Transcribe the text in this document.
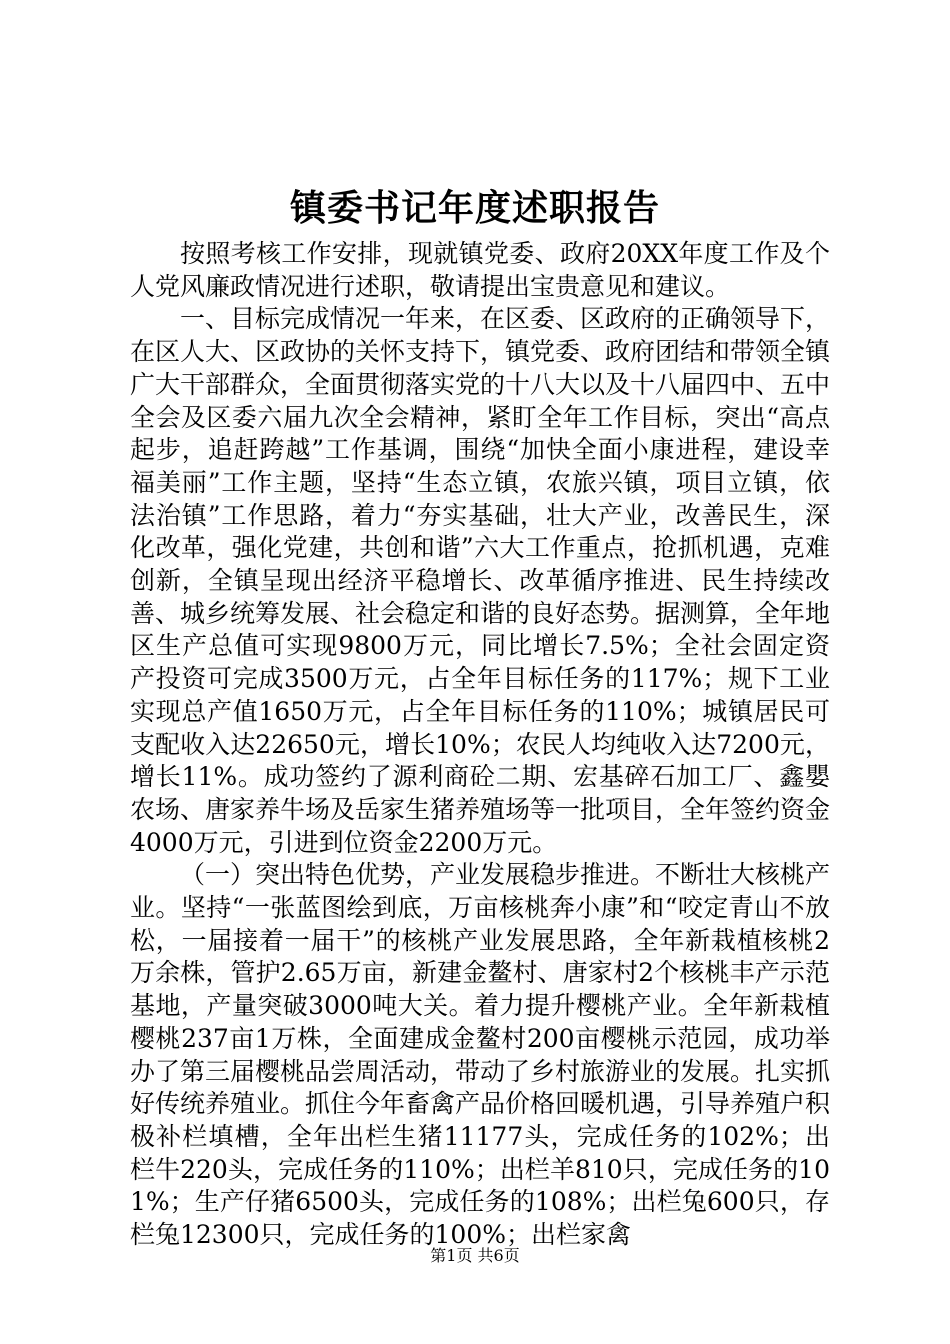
镇委书记年度述职报告

按照考核工作安排，现就镇党委、政府20XX年度工作及个人党风廉政情况进行述职，敬请提出宝贵意见和建议。

一、目标完成情况一年来，在区委、区政府的正确领导下，在区人大、区政协的关怀支持下，镇党委、政府团结和带领全镇广大干部群众，全面贯彻落实党的十八大以及十八届四中、五中全会及区委六届九次全会精神，紧盯全年工作目标，突出“高点起步，追赶跨越”工作基调，围绕“加快全面小康进程，建设幸福美丽”工作主题，坚持“生态立镇，农旅兴镇，项目立镇，依法治镇”工作思路，着力“夯实基础，壮大产业，改善民生，深化改革，强化党建，共创和谐”六大工作重点，抢抓机遇，克难创新，全镇呈现出经济平稳增长、改革循序推进、民生持续改善、城乡统筹发展、社会稳定和谐的良好态势。据测算，全年地区生产总值可实现9800万元，同比增长7.5%；全社会固定资产投资可完成3500万元，占全年目标任务的117%；规下工业实现总产值1650万元，占全年目标任务的110%；城镇居民可支配收入达22650元，增长10%；农民人均纯收入达7200元，增长11%。成功签约了源利商砼二期、宏基碎石加工厂、鑫嬰农场、唐家养牛场及岳家生猪养殖场等一批项目，全年签约资金4000万元，引进到位资金2200万元。

（一）突出特色优势，产业发展稳步推进。不断壮大核桃产业。坚持“一张蓝图绘到底，万亩核桃奔小康”和“咬定青山不放松，一届接着一届干”的核桃产业发展思路，全年新栽植核桃2万余株，管护2.65万亩，新建金鳌村、唐家村2个核桃丰产示范基地，产量突破3000吨大关。着力提升樱桃产业。全年新栽植樱桃237亩1万株，全面建成金鳌村200亩樱桃示范园，成功举办了第三届樱桃品尝周活动，带动了乡村旅游业的发展。扎实抓好传统养殖业。抓住今年畜禽产品价格回暖机遇，引导养殖户积极补栏填槽，全年出栏生猪11177头，完成任务的102%；出栏牛220头，完成任务的110%；出栏羊810只，完成任务的101%；生产仔猪6500头，完成任务的108%；出栏兔600只，存栏兔12300只，完成任务的100%；出栏家禽

第1页 共6页
